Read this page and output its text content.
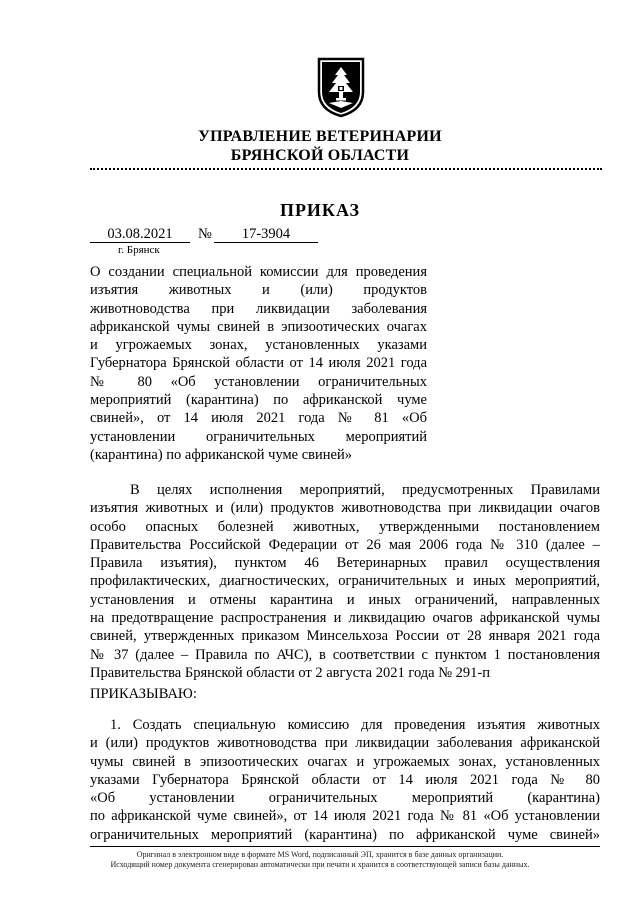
УПРАВЛЕНИЕ ВЕТЕРИНАРИИ
БРЯНСКОЙ ОБЛАСТИ
ПРИКАЗ
03.08.2021	№	17-3904
г. Брянск
О создании специальной комиссии для проведения
изъятия животных и (или) продуктов
животноводства при ликвидации заболевания
африканской чумы свиней в эпизоотических очагах
и угрожаемых зонах, установленных указами
Губернатора Брянской области от 14 июля 2021 года
№ 80 «Об установлении ограничительных
мероприятий (карантина) по африканской чуме
свиней», от 14 июля 2021 года № 81 «Об
установлении ограничительных мероприятий
(карантина) по африканской чуме свиней»
В целях исполнения мероприятий, предусмотренных Правилами
изъятия животных и (или) продуктов животноводства при ликвидации очагов
особо опасных болезней животных, утвержденными постановлением
Правительства Российской Федерации от 26 мая 2006 года № 310 (далее –
Правила изъятия), пунктом 46 Ветеринарных правил осуществления
профилактических, диагностических, ограничительных и иных мероприятий,
установления и отмены карантина и иных ограничений, направленных
на предотвращение распространения и ликвидацию очагов африканской чумы
свиней, утвержденных приказом Минсельхоза России от 28 января 2021 года
№ 37 (далее – Правила по АЧС), в соответствии с пунктом 1 постановления
Правительства Брянской области от 2 августа 2021 года № 291-п
ПРИКАЗЫВАЮ:
1. Создать специальную комиссию для проведения изъятия животных
и (или) продуктов животноводства при ликвидации заболевания африканской
чумы свиней в эпизоотических очагах и угрожаемых зонах, установленных
указами Губернатора Брянской области от 14 июля 2021 года № 80
«Об установлении ограничительных мероприятий (карантина)
по африканской чуме свиней», от 14 июля 2021 года № 81 «Об установлении
ограничительных мероприятий (карантина) по африканской чуме свиней»
Оригинал в электронном виде в формате MS Word, подписанный ЭП, хранится в базе данных организации.
Исходящий номер документа сгенерирован автоматически при печати и хранится в соответствующей записи базы данных.
